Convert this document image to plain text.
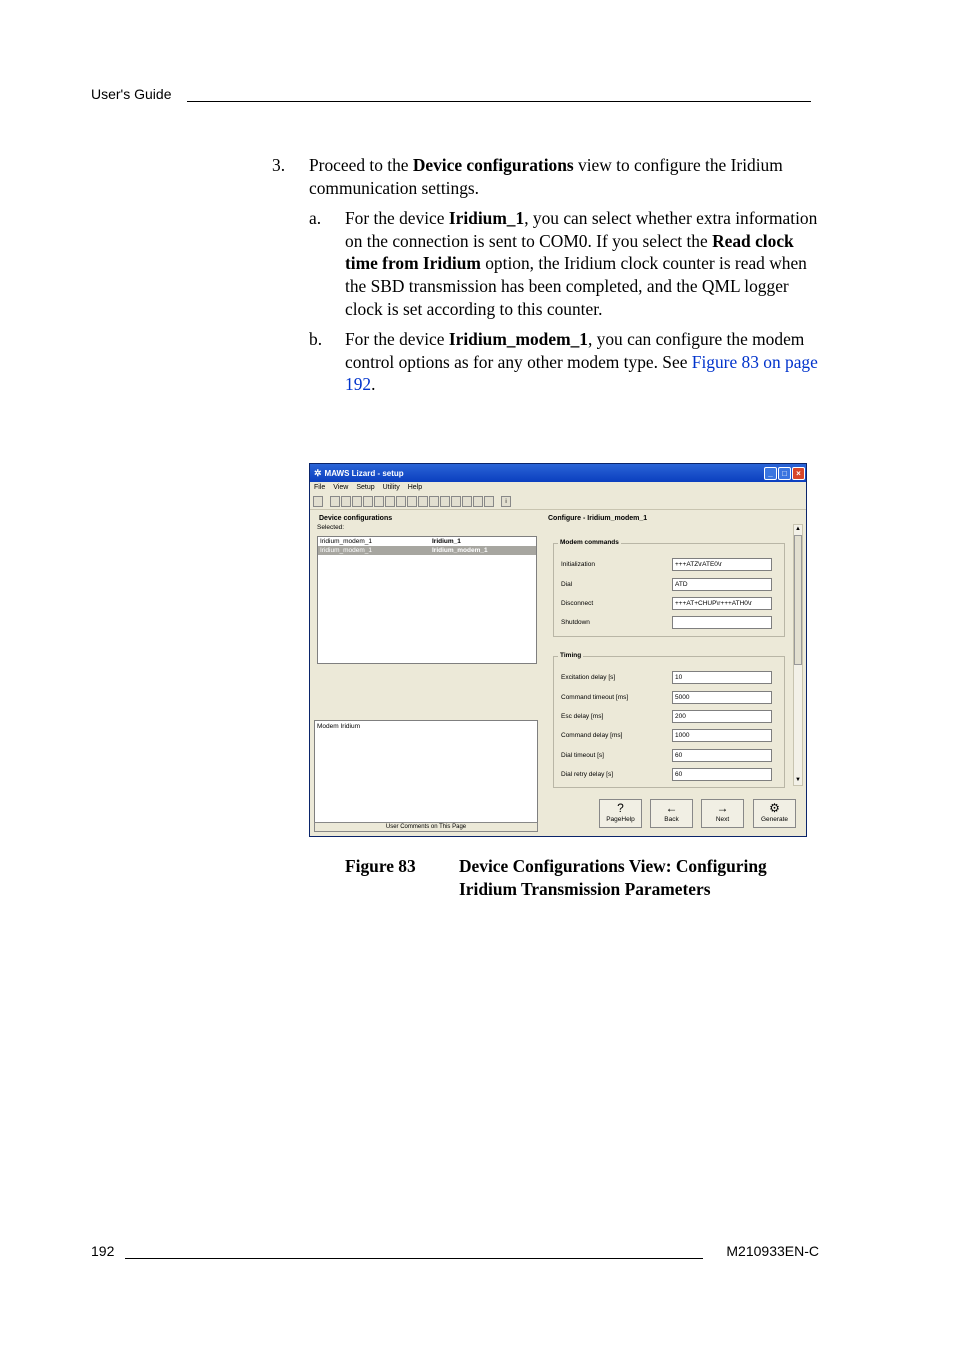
User's Guide
3.	Proceed to the Device configurations view to configure the Iridium communication settings.
a.	For the device Iridium_1, you can select whether extra information on the connection is sent to COM0. If you select the Read clock time from Iridium option, the Iridium clock counter is read when the SBD transmission has been completed, and the QML logger clock is set according to this counter.
b.	For the device Iridium_modem_1, you can configure the modem control options as for any other modem type. See Figure 83 on page 192.
✲ MAWS Lizard - setup	_	□	×
File View Setup Utility Help
i
Device configurations
Selected:
Iridium_modem_1	Iridium_1
Iridium_modem_1	Iridium_modem_1
Modem Iridium
User Comments on This Page
Configure - Iridium_modem_1
Modem commands
Initialization	+++ATZ\rATE0\r
Dial	ATD
Disconnect	+++AT+CHUP\r+++ATH0\r
Shutdown
Timing
Excitation delay [s]	10
Command timeout [ms]	5000
Esc delay [ms]	200
Command delay [ms]	1000
Dial timeout [s]	60
Dial retry delay [s]	60
▲
▼
?
PageHelp
←
Back
→
Next
⚙
Generate
Figure 83 Device Configurations View: Configuring Iridium Transmission Parameters
192	M210933EN-C
